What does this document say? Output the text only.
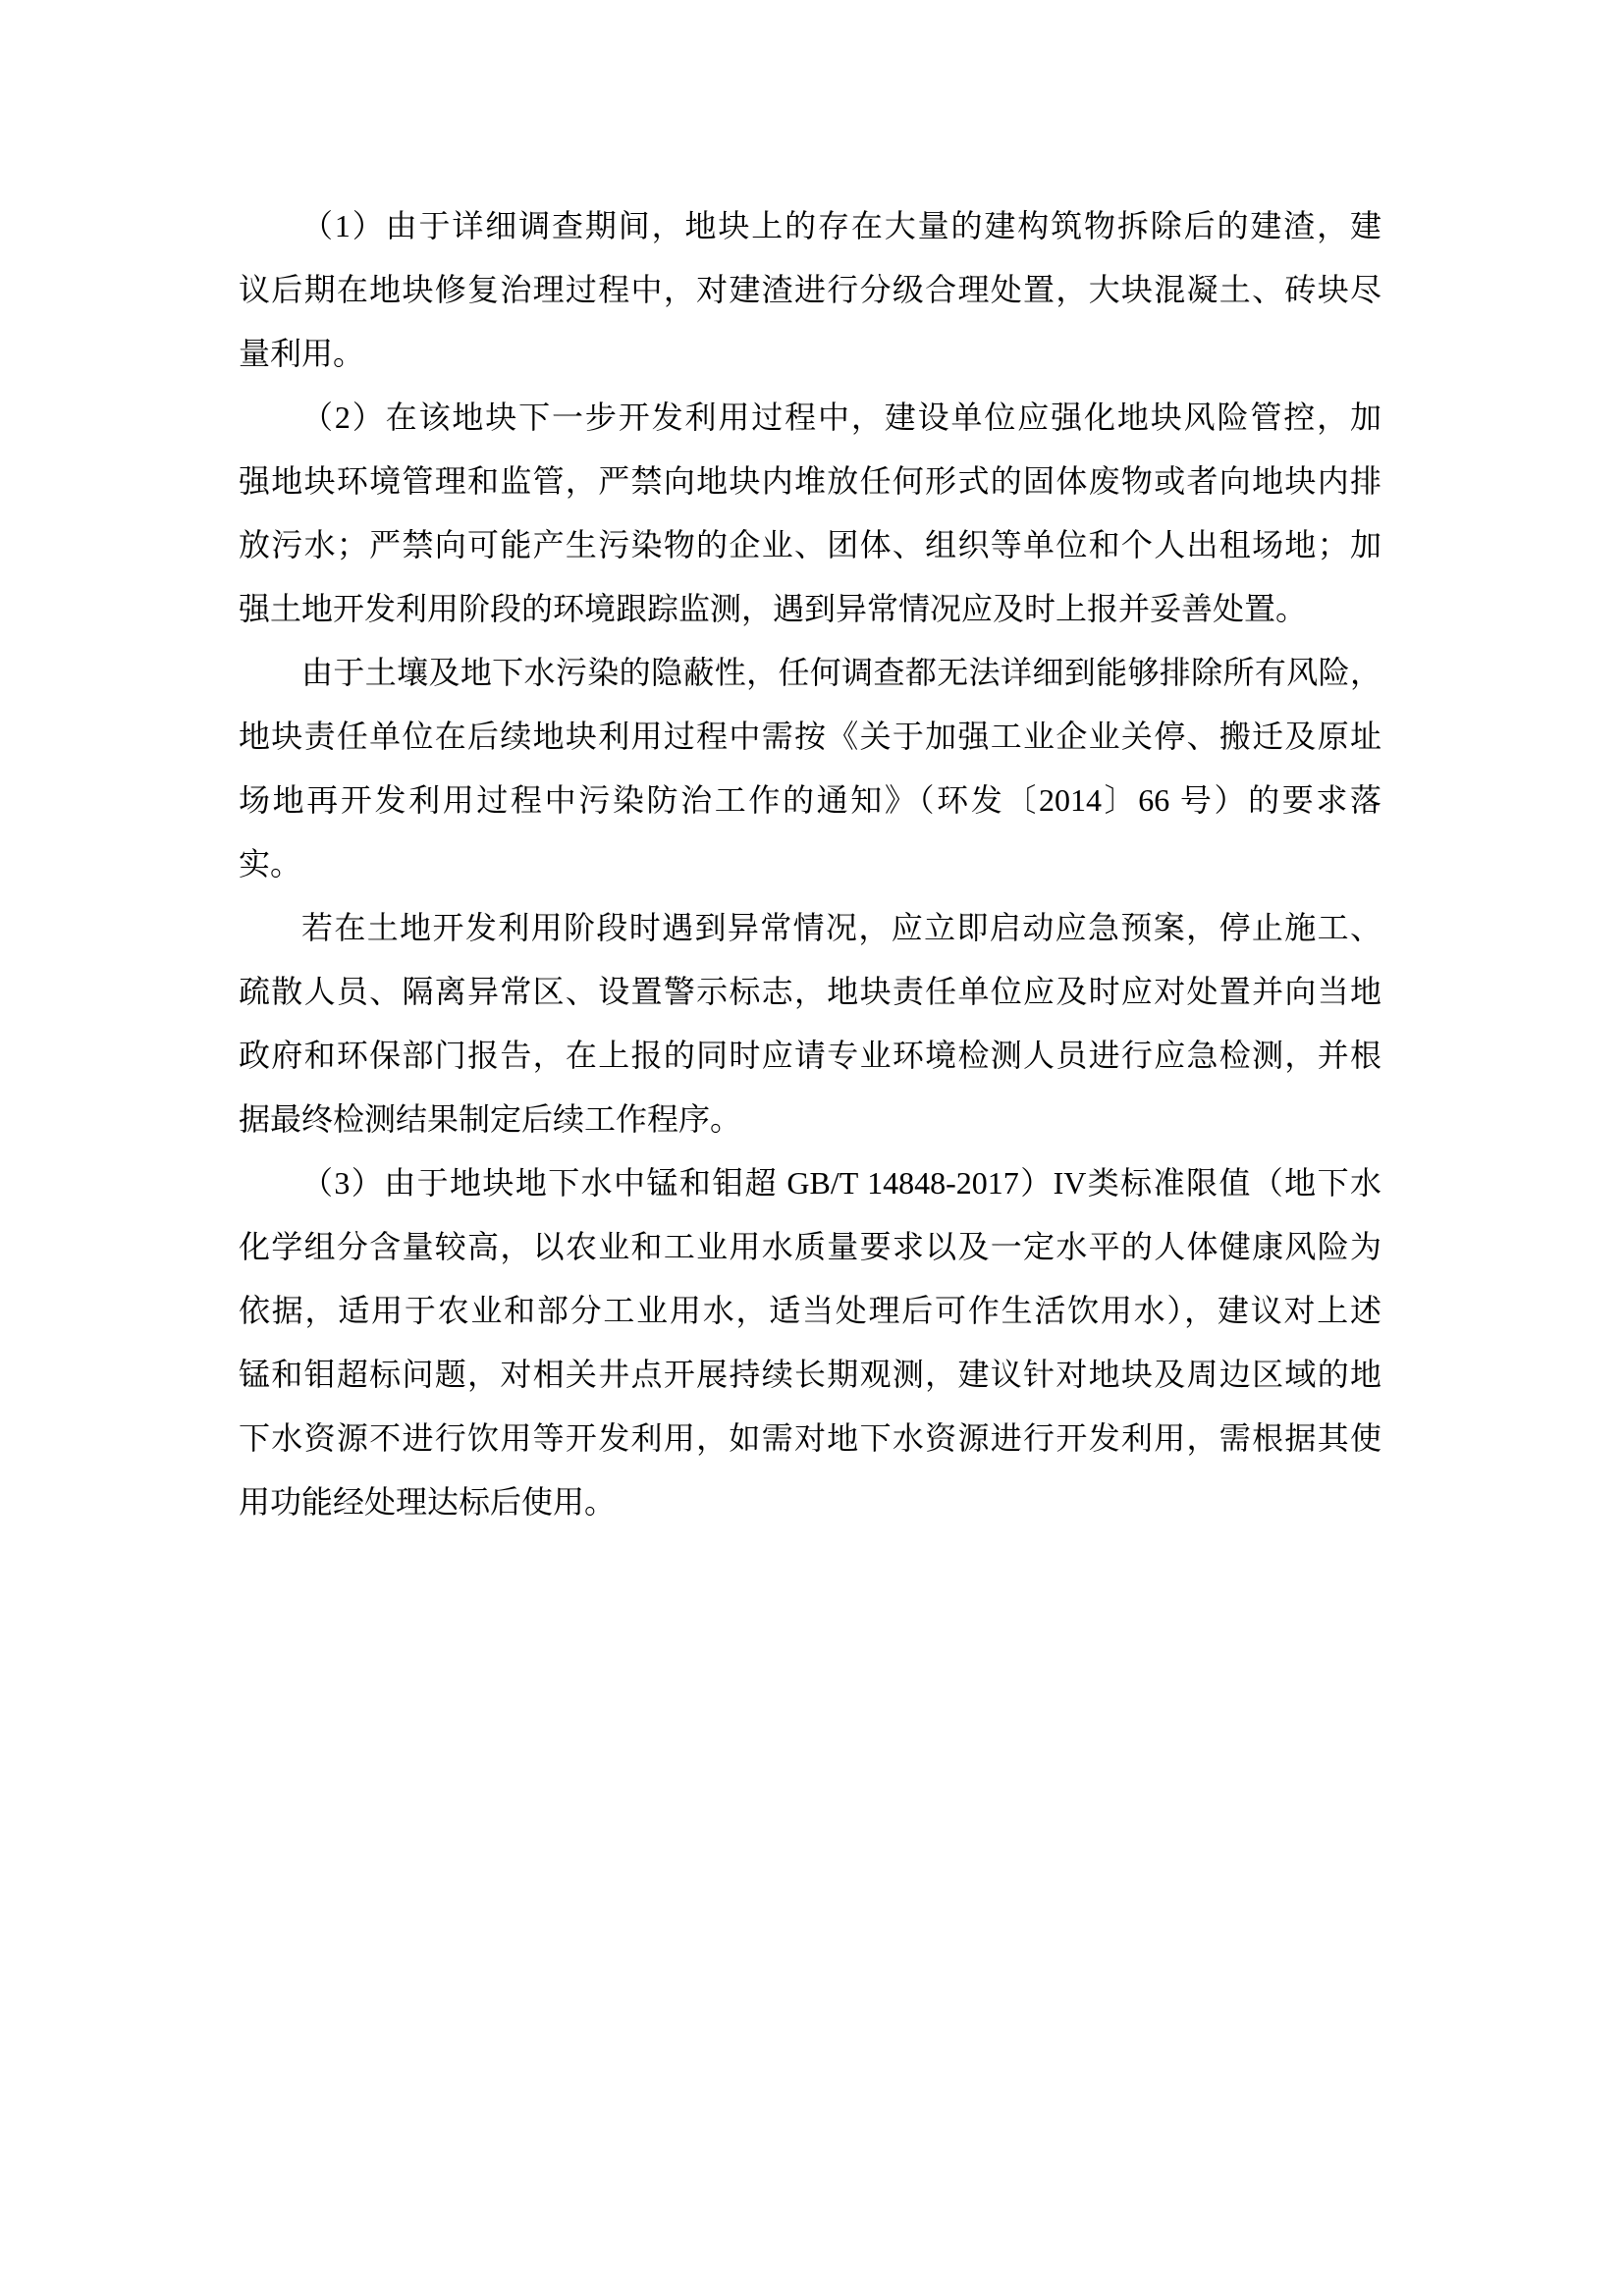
（1）由于详细调查期间，地块上的存在大量的建构筑物拆除后的建渣，建
议后期在地块修复治理过程中，对建渣进行分级合理处置，大块混凝土、砖块尽
量利用。
（2）在该地块下一步开发利用过程中，建设单位应强化地块风险管控，加
强地块环境管理和监管，严禁向地块内堆放任何形式的固体废物或者向地块内排
放污水；严禁向可能产生污染物的企业、团体、组织等单位和个人出租场地；加
强土地开发利用阶段的环境跟踪监测，遇到异常情况应及时上报并妥善处置。
由于土壤及地下水污染的隐蔽性，任何调查都无法详细到能够排除所有风险，
地块责任单位在后续地块利用过程中需按《关于加强工业企业关停、搬迁及原址
场地再开发利用过程中污染防治工作的通知》（环发〔2014〕66 号）的要求落
实。
若在土地开发利用阶段时遇到异常情况，应立即启动应急预案，停止施工、
疏散人员、隔离异常区、设置警示标志，地块责任单位应及时应对处置并向当地
政府和环保部门报告，在上报的同时应请专业环境检测人员进行应急检测，并根
据最终检测结果制定后续工作程序。
（3）由于地块地下水中锰和钼超 GB/T 14848-2017）IV类标准限值（地下水
化学组分含量较高，以农业和工业用水质量要求以及一定水平的人体健康风险为
依据，适用于农业和部分工业用水，适当处理后可作生活饮用水），建议对上述
锰和钼超标问题，对相关井点开展持续长期观测，建议针对地块及周边区域的地
下水资源不进行饮用等开发利用，如需对地下水资源进行开发利用，需根据其使
用功能经处理达标后使用。
